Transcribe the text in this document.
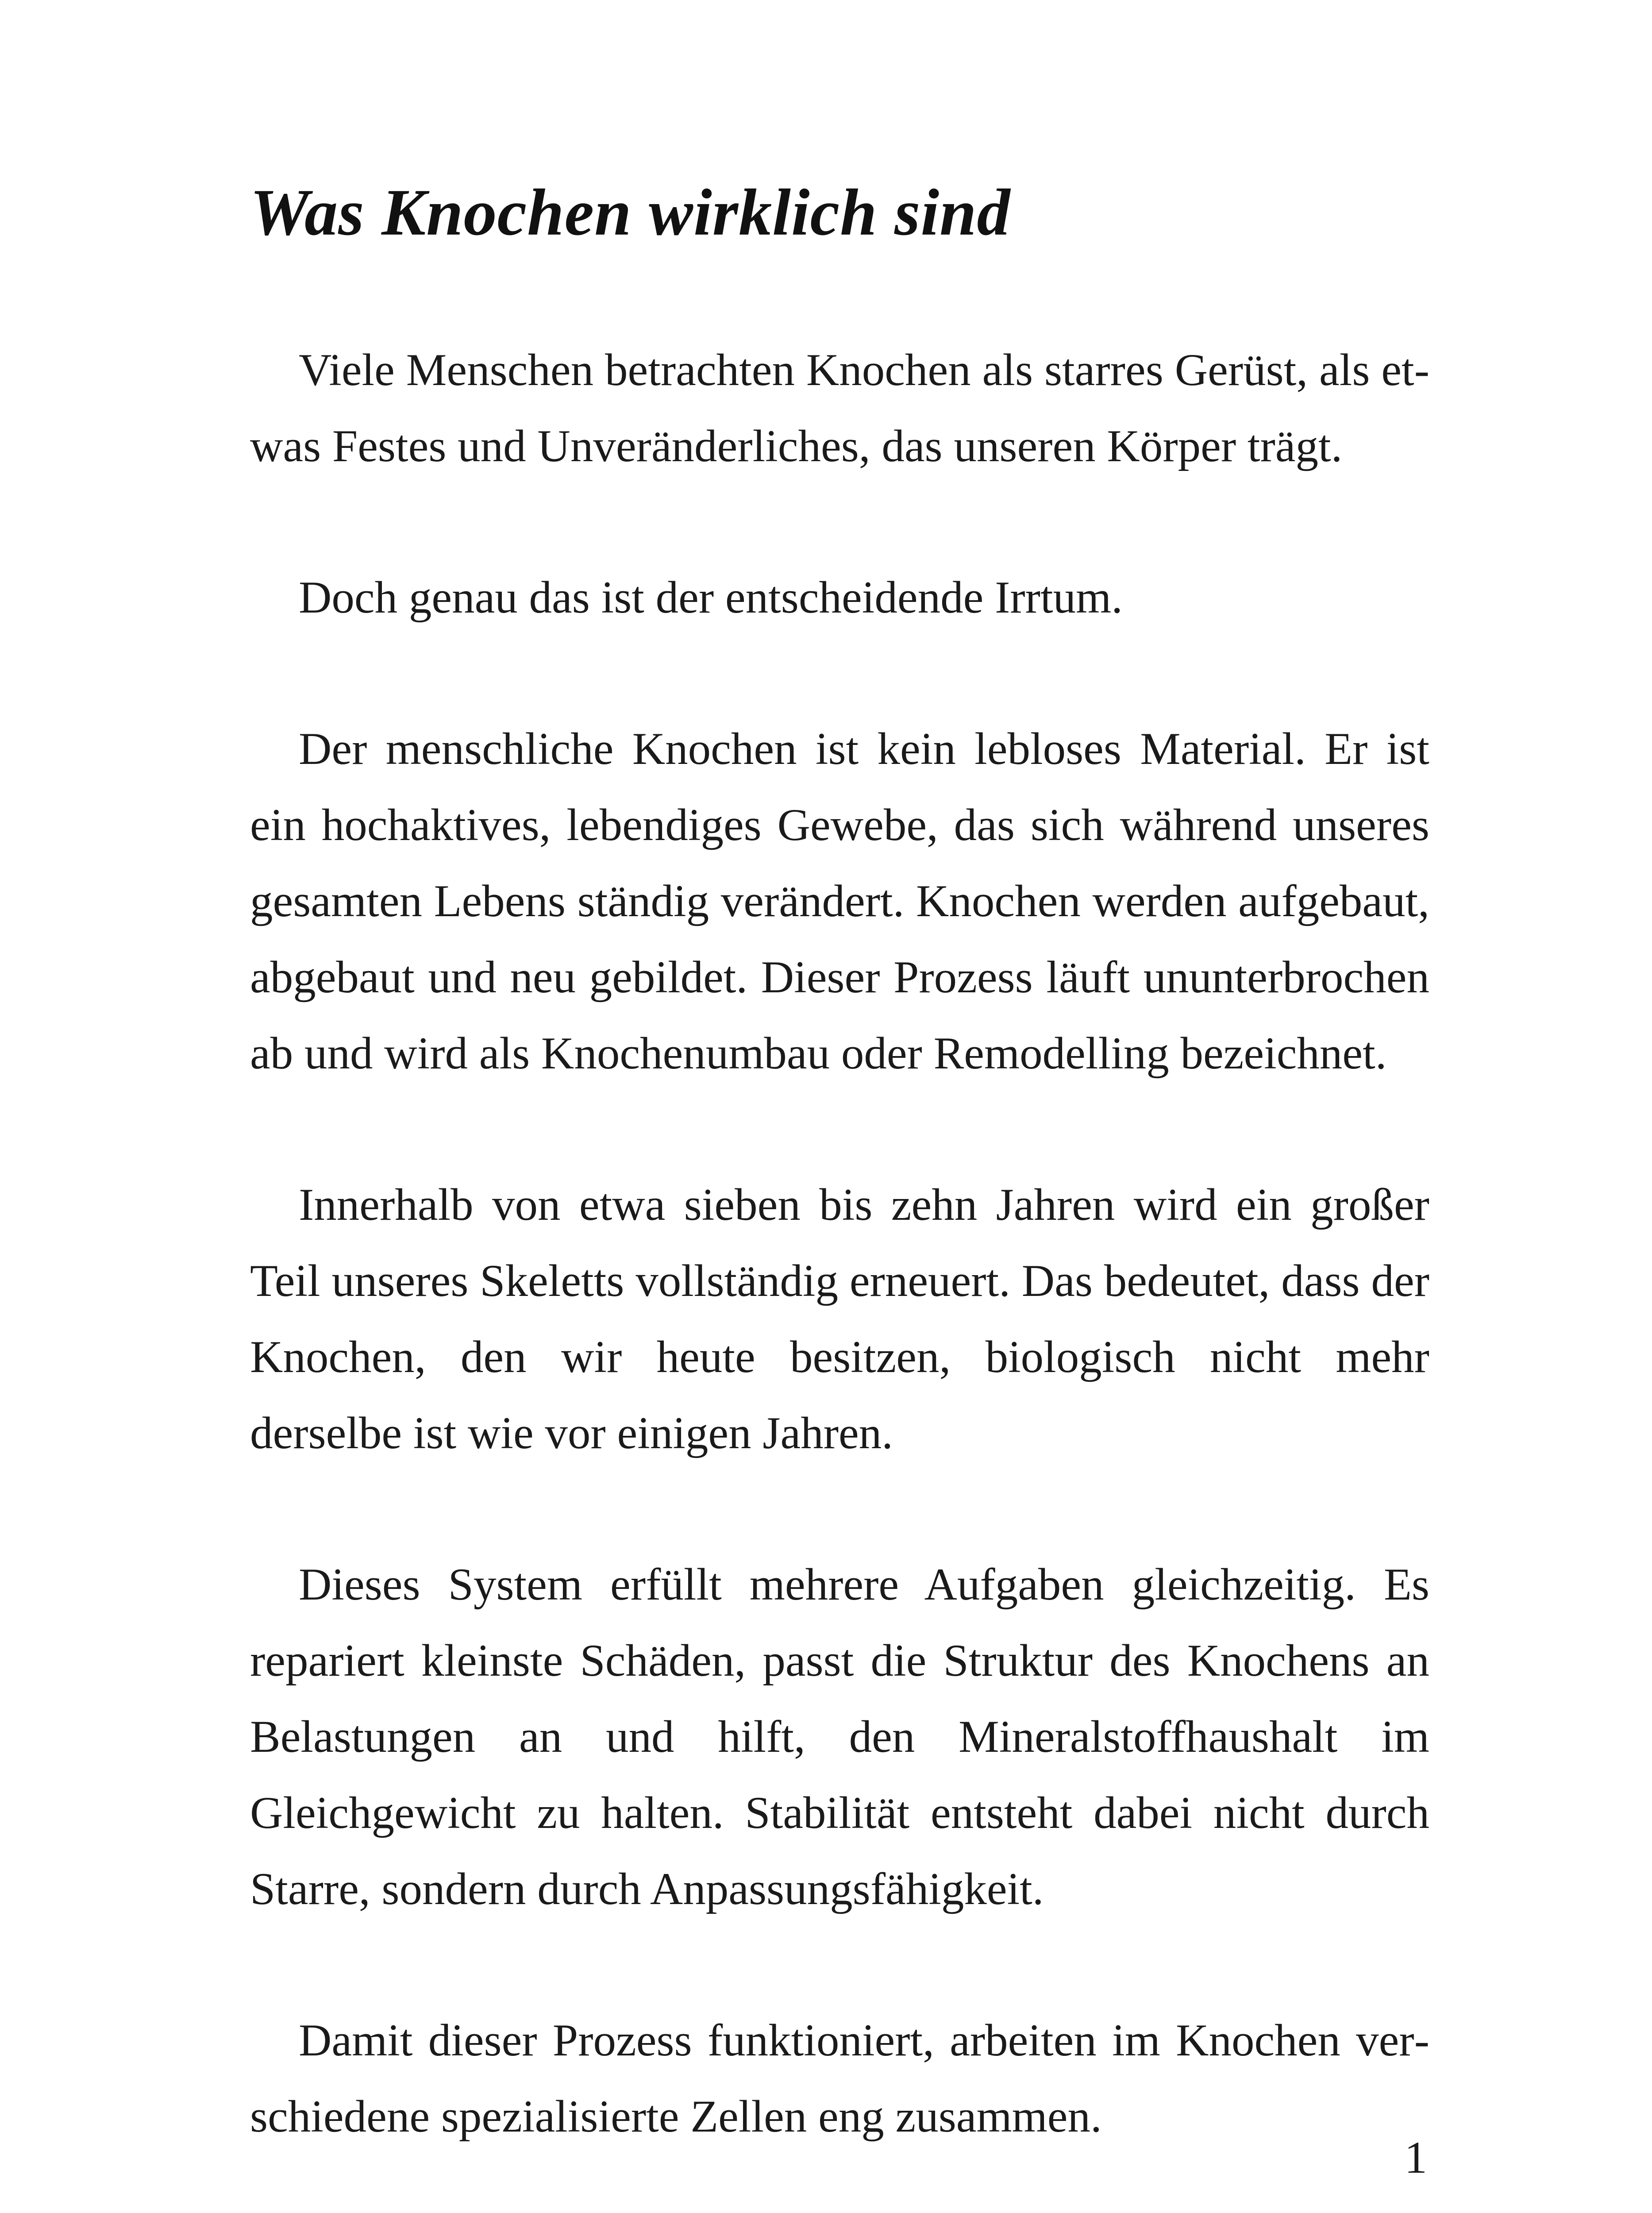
Was Knochen wirklich sind

Viele Menschen betrachten Knochen als starres Gerüst, als etwas Festes und Unveränderliches, das unseren Körper trägt.

Doch genau das ist der entscheidende Irrtum.

Der menschliche Knochen ist kein lebloses Material. Er ist ein hochaktives, lebendiges Gewebe, das sich während unseres gesamten Lebens ständig verändert. Knochen werden aufgebaut, abgebaut und neu gebildet. Dieser Prozess läuft ununterbrochen ab und wird als Knochenumbau oder Remodelling bezeichnet.

Innerhalb von etwa sieben bis zehn Jahren wird ein großer Teil unseres Skeletts vollständig erneuert. Das bedeutet, dass der Knochen, den wir heute besitzen, biologisch nicht mehr derselbe ist wie vor einigen Jahren.

Dieses System erfüllt mehrere Aufgaben gleichzeitig. Es repariert kleinste Schäden, passt die Struktur des Knochens an Belastungen an und hilft, den Mineralstoffhaushalt im Gleichgewicht zu halten. Stabilität entsteht dabei nicht durch Starre, sondern durch Anpassungsfähigkeit.

Damit dieser Prozess funktioniert, arbeiten im Knochen verschiedene spezialisierte Zellen eng zusammen.

1
